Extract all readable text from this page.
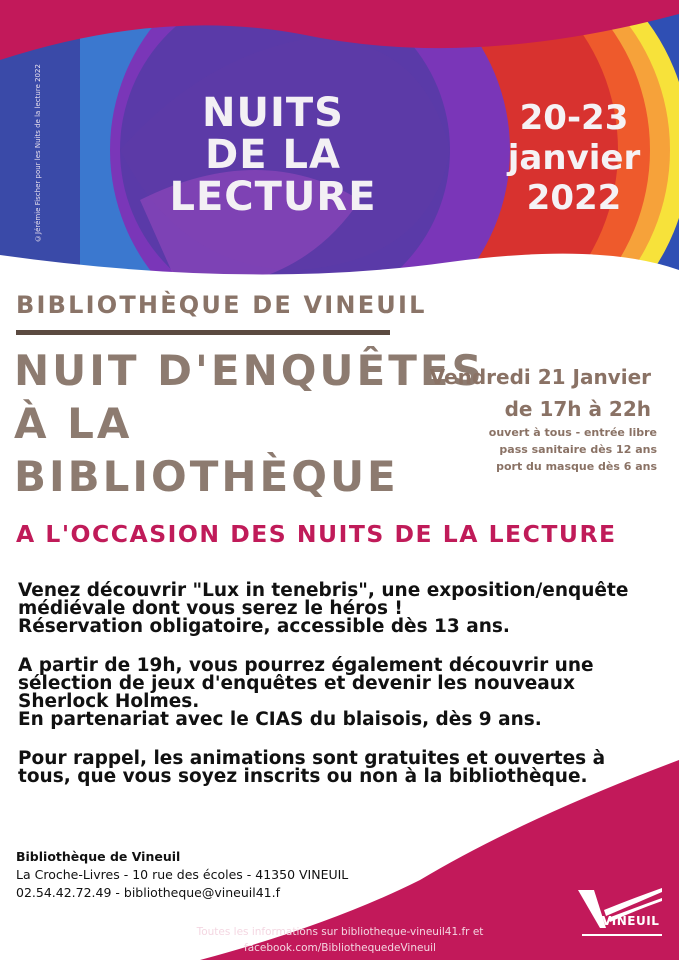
©Jérémie Fischer pour les Nuits de la lecture 2022	NUITS
DE LA
LECTURE
20-23
janvier
2022
BIBLIOTHÈQUE DE VINEUIL
NUIT D'ENQUÊTES
À LA
BIBLIOTHÈQUE
Vendredi 21 Janvier
de 17h à 22h
ouvert à tous - entrée libre
pass sanitaire dès 12 ans
port du masque dès 6 ans
A L'OCCASION DES NUITS DE LA LECTURE
Venez découvrir "Lux in tenebris", une exposition/enquête
médiévale dont vous serez le héros !
Réservation obligatoire, accessible dès 13 ans.
A partir de 19h, vous pourrez également découvrir une
sélection de jeux d'enquêtes et devenir les nouveaux
Sherlock Holmes.
En partenariat avec le CIAS du blaisois, dès 9 ans.
Pour rappel, les animations sont gratuites et ouvertes à
tous, que vous soyez inscrits ou non à la bibliothèque.
Bibliothèque de Vineuil
La Croche-Livres - 10 rue des écoles - 41350 VINEUIL
02.54.42.72.49 - bibliotheque@vineuil41.f
Toutes les informations sur bibliotheque-vineuil41.fr et
facebook.com/BibliothequedeVineuil
VINEUIL
